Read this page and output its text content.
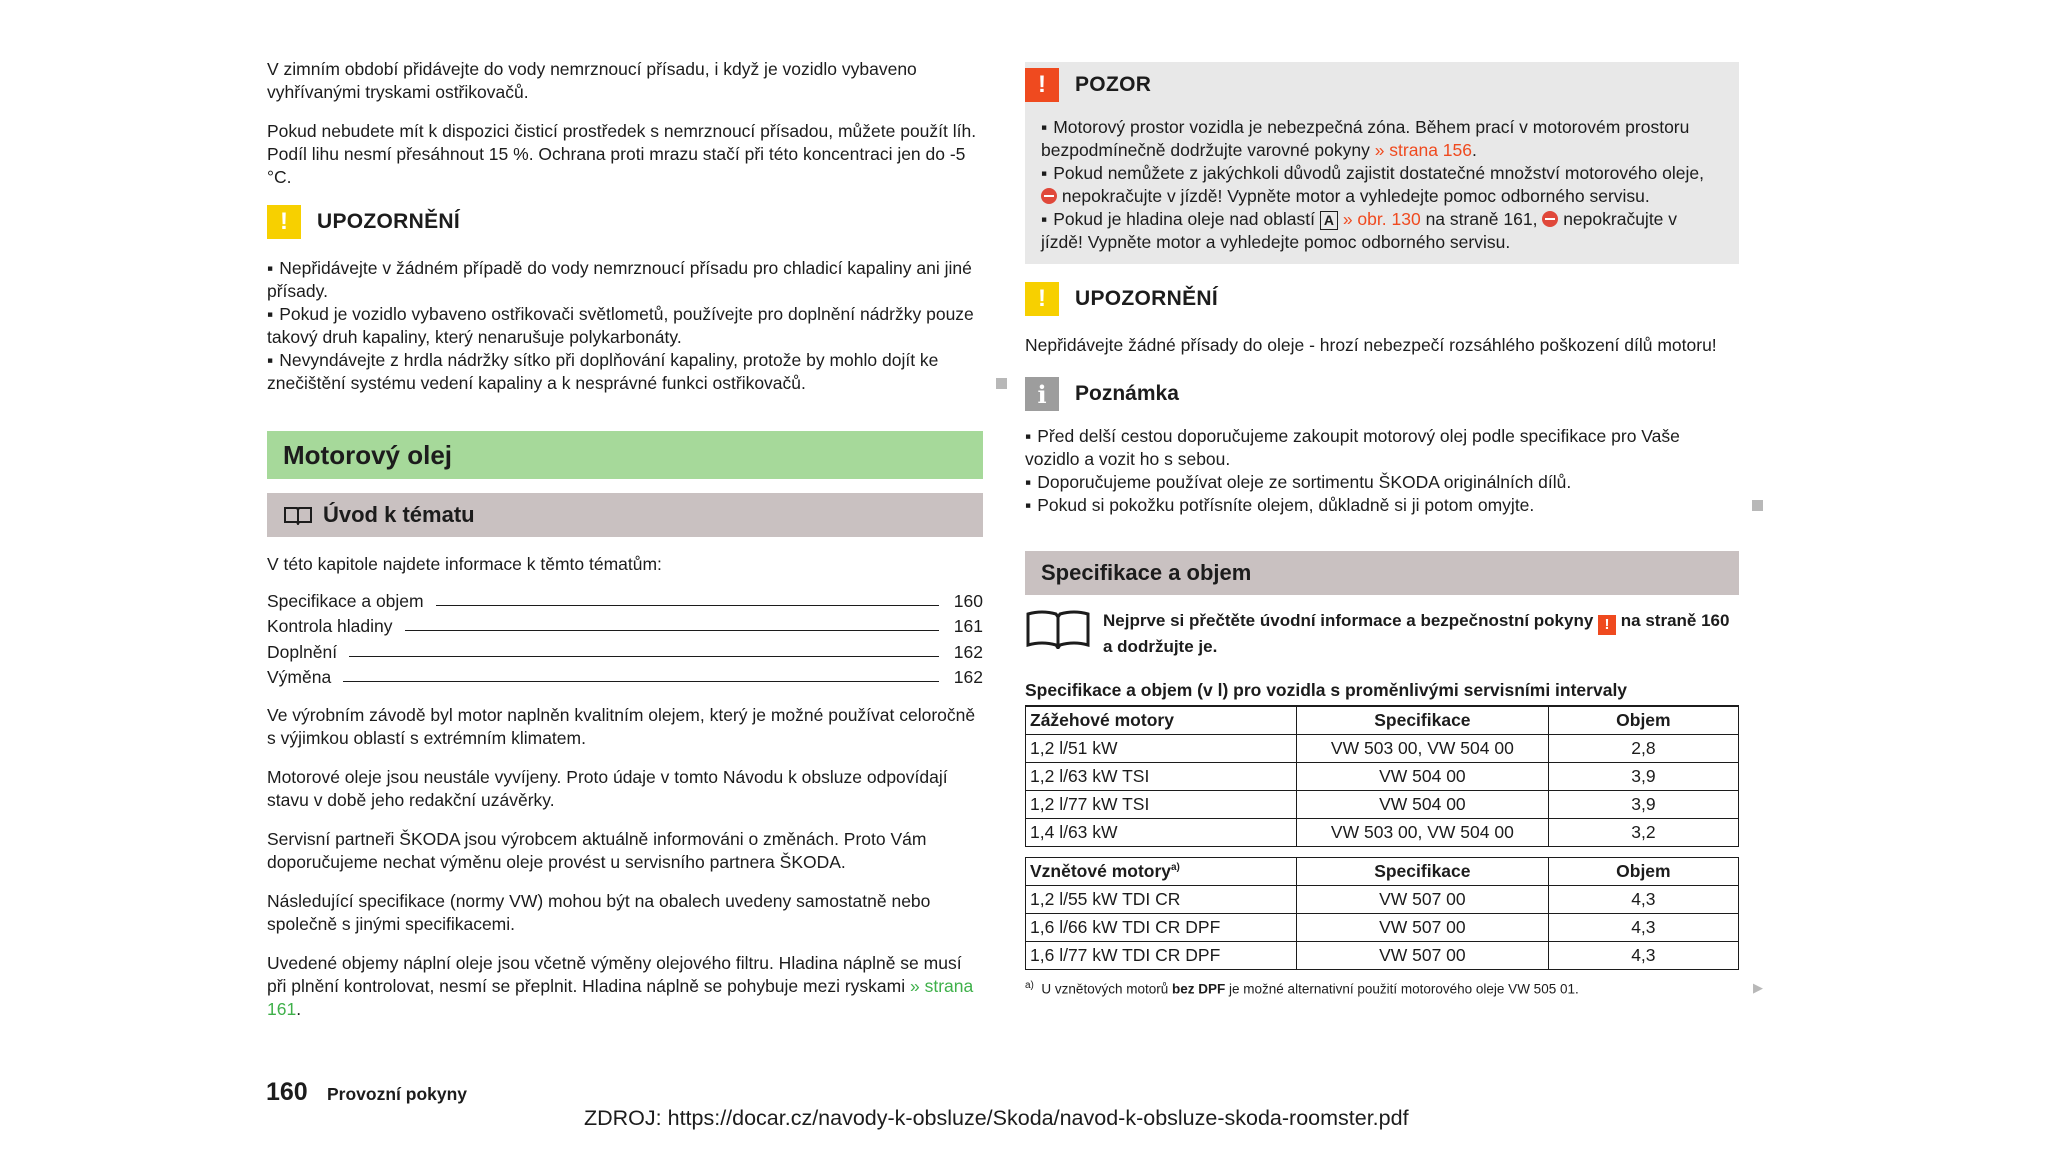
V zimním období přidávejte do vody nemrznoucí přísadu, i když je vozidlo vybaveno vyhřívanými tryskami ostřikovačů.

Pokud nebudete mít k dispozici čisticí prostředek s nemrznoucí přísadou, můžete použít líh. Podíl lihu nesmí přesáhnout 15 %. Ochrana proti mrazu stačí při této koncentraci jen do -5 °C.

!	UPOZORNĚNÍ
▪ Nepřidávejte v žádném případě do vody nemrznoucí přísadu pro chladicí kapaliny ani jiné přísady.
▪ Pokud je vozidlo vybaveno ostřikovači světlometů, používejte pro doplnění nádržky pouze takový druh kapaliny, který nenarušuje polykarbonáty.
▪ Nevyndávejte z hrdla nádržky sítko při doplňování kapaliny, protože by mohlo dojít ke znečištění systému vedení kapaliny a k nesprávné funkci ostřikovačů.
Motorový olej
Úvod k tématu

V této kapitole najdete informace k těmto tématům:

Specifikace a objem	160
Kontrola hladiny	161
Doplnění	162
Výměna	162

Ve výrobním závodě byl motor naplněn kvalitním olejem, který je možné používat celoročně s výjimkou oblastí s extrémním klimatem.

Motorové oleje jsou neustále vyvíjeny. Proto údaje v tomto Návodu k obsluze odpovídají stavu v době jeho redakční uzávěrky.

Servisní partneři ŠKODA jsou výrobcem aktuálně informováni o změnách. Proto Vám doporučujeme nechat výměnu oleje provést u servisního partnera ŠKODA.

Následující specifikace (normy VW) mohou být na obalech uvedeny samostatně nebo společně s jinými specifikacemi.

Uvedené objemy náplní oleje jsou včetně výměny olejového filtru. Hladina náplně se musí při plnění kontrolovat, nesmí se přeplnit. Hladina náplně se pohybuje mezi ryskami » strana 161.

!	POZOR
▪ Motorový prostor vozidla je nebezpečná zóna. Během prací v motorovém prostoru bezpodmínečně dodržujte varovné pokyny » strana 156.
▪ Pokud nemůžete z jakýchkoli důvodů zajistit dostatečné množství motorového oleje,  nepokračujte v jízdě! Vypněte motor a vyhledejte pomoc odborného servisu.
▪ Pokud je hladina oleje nad oblastí A » obr. 130 na straně 161, nepokračujte v jízdě! Vypněte motor a vyhledejte pomoc odborného servisu.
!	UPOZORNĚNÍ

Nepřidávejte žádné přísady do oleje - hrozí nebezpečí rozsáhlého poškození dílů motoru!

i	Poznámka
▪ Před delší cestou doporučujeme zakoupit motorový olej podle specifikace pro Vaše vozidlo a vozit ho s sebou.
▪ Doporučujeme používat oleje ze sortimentu ŠKODA originálních dílů.
▪ Pokud si pokožku potřísníte olejem, důkladně si ji potom omyjte.
Specifikace a objem
Nejprve si přečtěte úvodní informace a bezpečnostní pokyny ! na straně 160 a dodržujte je.
Specifikace a objem (v l) pro vozidla s proměnlivými servisními intervaly
Zážehové motory	Specifikace	Objem
1,2 l/51 kW	VW 503 00, VW 504 00	2,8
1,2 l/63 kW TSI	VW 504 00	3,9
1,2 l/77 kW TSI	VW 504 00	3,9
1,4 l/63 kW	VW 503 00, VW 504 00	3,2
Vznětové motory$^{a)}$	Specifikace	Objem
1,2 l/55 kW TDI CR	VW 507 00	4,3
1,6 l/66 kW TDI CR DPF	VW 507 00	4,3
1,6 l/77 kW TDI CR DPF	VW 507 00	4,3
$^{a)}$ U vznětových motorů bez DPF je možné alternativní použití motorového oleje VW 505 01.	▶
160 Provozní pokyny
ZDROJ: https://docar.cz/navody-k-obsluze/Skoda/navod-k-obsluze-skoda-roomster.pdf
